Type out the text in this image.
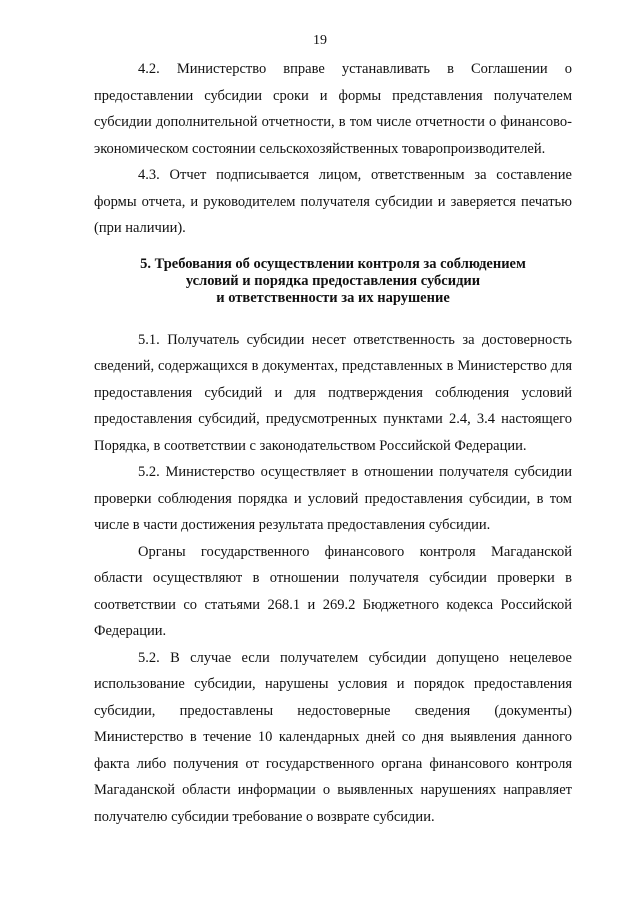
19

4.2. Министерство вправе устанавливать в Соглашении о предоставлении субсидии сроки и формы представления получателем субсидии дополнительной отчетности, в том числе отчетности о финансово-экономическом состоянии сельскохозяйственных товаропроизводителей.

4.3. Отчет подписывается лицом, ответственным за составление формы отчета, и руководителем получателя субсидии и заверяется печатью (при наличии).

5. Требования об осуществлении контроля за соблюдением
условий и порядка предоставления субсидии
и ответственности за их нарушение

5.1. Получатель субсидии несет ответственность за достоверность сведений, содержащихся в документах, представленных в Министерство для предоставления субсидий и для подтверждения соблюдения условий предоставления субсидий, предусмотренных пунктами 2.4, 3.4 настоящего Порядка, в соответствии с законодательством Российской Федерации.

5.2. Министерство осуществляет в отношении получателя субсидии проверки соблюдения порядка и условий предоставления субсидии, в том числе в части достижения результата предоставления субсидии.

Органы государственного финансового контроля Магаданской области осуществляют в отношении получателя субсидии проверки в соответствии со статьями 268.1 и 269.2 Бюджетного кодекса Российской Федерации.

5.2. В случае если получателем субсидии допущено нецелевое использование субсидии, нарушены условия и порядок предоставления субсидии, предоставлены недостоверные сведения (документы) Министерство в течение 10 календарных дней со дня выявления данного факта либо получения от государственного органа финансового контроля Магаданской области информации о выявленных нарушениях направляет получателю субсидии требование о возврате субсидии.
